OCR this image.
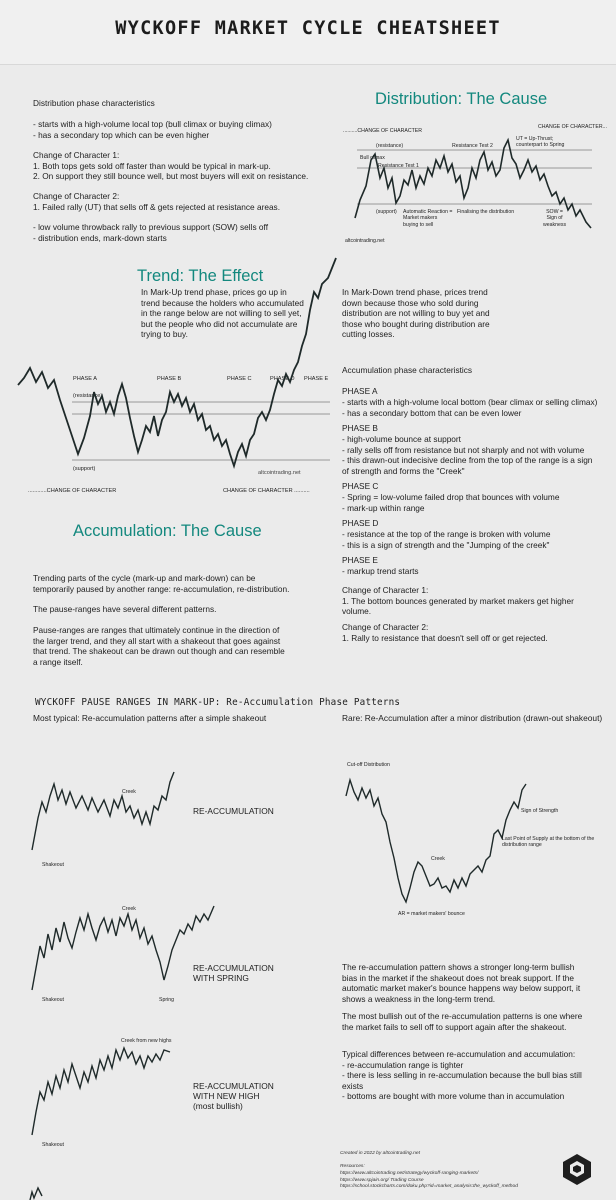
WYCKOFF MARKET CYCLE CHEATSHEET
Distribution phase characteristics
- starts with a high-volume local top (bull climax or buying climax)
- has a secondary top which can be even higher
Change of Character 1:
1. Both tops gets sold off faster than would be typical in mark-up.
2. On support they still bounce well, but most buyers will exit on resistance.
Change of Character 2:
1. Failed rally (UT) that sells off & gets rejected at resistance areas.
- low volume throwback rally to previous support (SOW) sells off
- distribution ends, mark-down starts
Distribution: The Cause
..........CHANGE OF CHARACTER
CHANGE OF CHARACTER...
(resistance)
Bull climax
Resistance Test 1
Resistance Test 2
UT = Up-Thrust;
counterpart to Spring
(support) Automatic Reaction =
Market makers
buying to sell
Finalising the distribution	SOW =
Sign of
weakness
altcointrading.net
Trend: The Effect
In Mark-Up trend phase, prices go up in
trend because the holders who accumulated
in the range below are not willing to sell yet,
but the people who did not accumulate are
trying to buy.
In Mark-Down trend phase, prices trend
down because those who sold during
distribution are not willing to buy yet and
those who bought during distribution are
cutting losses.
PHASE A	PHASE B	PHASE C	PHASE D PHASE E
(resistance)
(support)
altcointrading.net
............CHANGE OF CHARACTER	CHANGE OF CHARACTER ..........
Accumulation: The Cause
Accumulation phase characteristics
PHASE A
- starts with a high-volume local bottom (bear climax or selling climax)
- has a secondary bottom that can be even lower
PHASE B
- high-volume bounce at support
- rally sells off from resistance but not sharply and not with volume
- this drawn-out indecisive decline from the top of the range is a sign
of strength and forms the "Creek"
PHASE C
- Spring = low-volume failed drop that bounces with volume
- mark-up within range
PHASE D
- resistance at the top of the range is broken with volume
- this is a sign of strength and the "Jumping of the creek"
PHASE E
- markup trend starts
Change of Character 1:
1. The bottom bounces generated by market makers get higher
volume.
Change of Character 2:
1. Rally to resistance that doesn't sell off or get rejected.
Trending parts of the cycle (mark-up and mark-down) can be
temporarily paused by another range: re-accumulation, re-distribution.
The pause-ranges have several different patterns.
Pause-ranges are ranges that ultimately continue in the direction of
the larger trend, and they all start with a shakeout that goes against
that trend. The shakeout can be drawn out though and can resemble
a range itself.
WYCKOFF PAUSE RANGES IN MARK-UP: Re-Accumulation Phase Patterns
Most typical: Re-accumulation patterns after a simple shakeout	Rare: Re-Accumulation after a minor distribution (drawn-out shakeout)
Creek
Shakeout
RE-ACCUMULATION
Creek
Shakeout	Spring
RE-ACCUMULATION
WITH SPRING
Creek from new highs
Shakeout
RE-ACCUMULATION
WITH NEW HIGH
(most bullish)
Cut-off Distribution
Creek
AR = market makers' bounce
Sign of Strength
Last Point of Supply at the bottom of the
distribution range
The re-accumulation pattern shows a stronger long-term bullish
bias in the market if the shakeout does not break support. If the
automatic market maker's bounce happens way below support, it
shows a weakness in the long-term trend.
The most bullish out of the re-accumulation patterns is one where
the market fails to sell off to support again after the shakeout.
Typical differences between re-accumulation and accumulation:
- re-accumulation range is tighter
- there is less selling in re-accumulation because the bull bias still
exists
- bottoms are bought with more volume than in accumulation
Created in 2022 by altcointrading.net
Resources:
https://www.altcointrading.net/strategy/wyckoff-ranging-markets/
https://www.spjain.org/ Trading Course
https://school.stockcharts.com/doku.php?id=market_analysis:the_wyckoff_method
